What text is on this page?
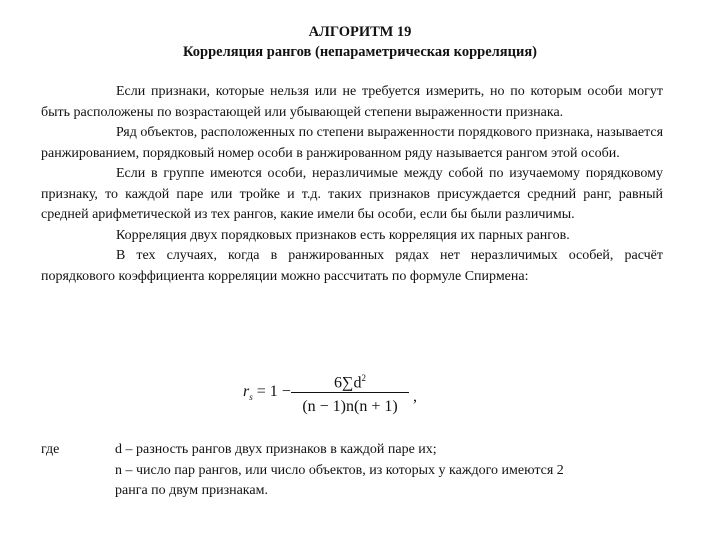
АЛГОРИТМ 19
Корреляция рангов (непараметрическая корреляция)

Если признаки, которые нельзя или не требуется измерить, но по которым особи могут быть расположены по возрастающей или убывающей степени выраженности признака.

Ряд объектов, расположенных по степени выраженности порядкового признака, называется ранжированием, порядковый номер особи в ранжированном ряду называется рангом этой особи.

Если в группе имеются особи, неразличимые между собой по изучаемому порядковому признаку, то каждой паре или тройке и т.д. таких признаков присуждается средний ранг, равный средней арифметической из тех рангов, какие имели бы особи, если бы были различимы.

Корреляция двух порядковых признаков есть корреляция их парных рангов.

В тех случаях, когда в ранжированных рядах нет неразличимых особей, расчёт порядкового коэффициента корреляции можно рассчитать по формуле Спирмена:

$r_s = 1$ −
$6\sum d^2$
(n − 1)n(n + 1)
,
где	d – разность рангов двух признаков в каждой паре их;
n – число пар рангов, или число объектов, из которых у каждого имеются 2
ранга по двум признакам.
